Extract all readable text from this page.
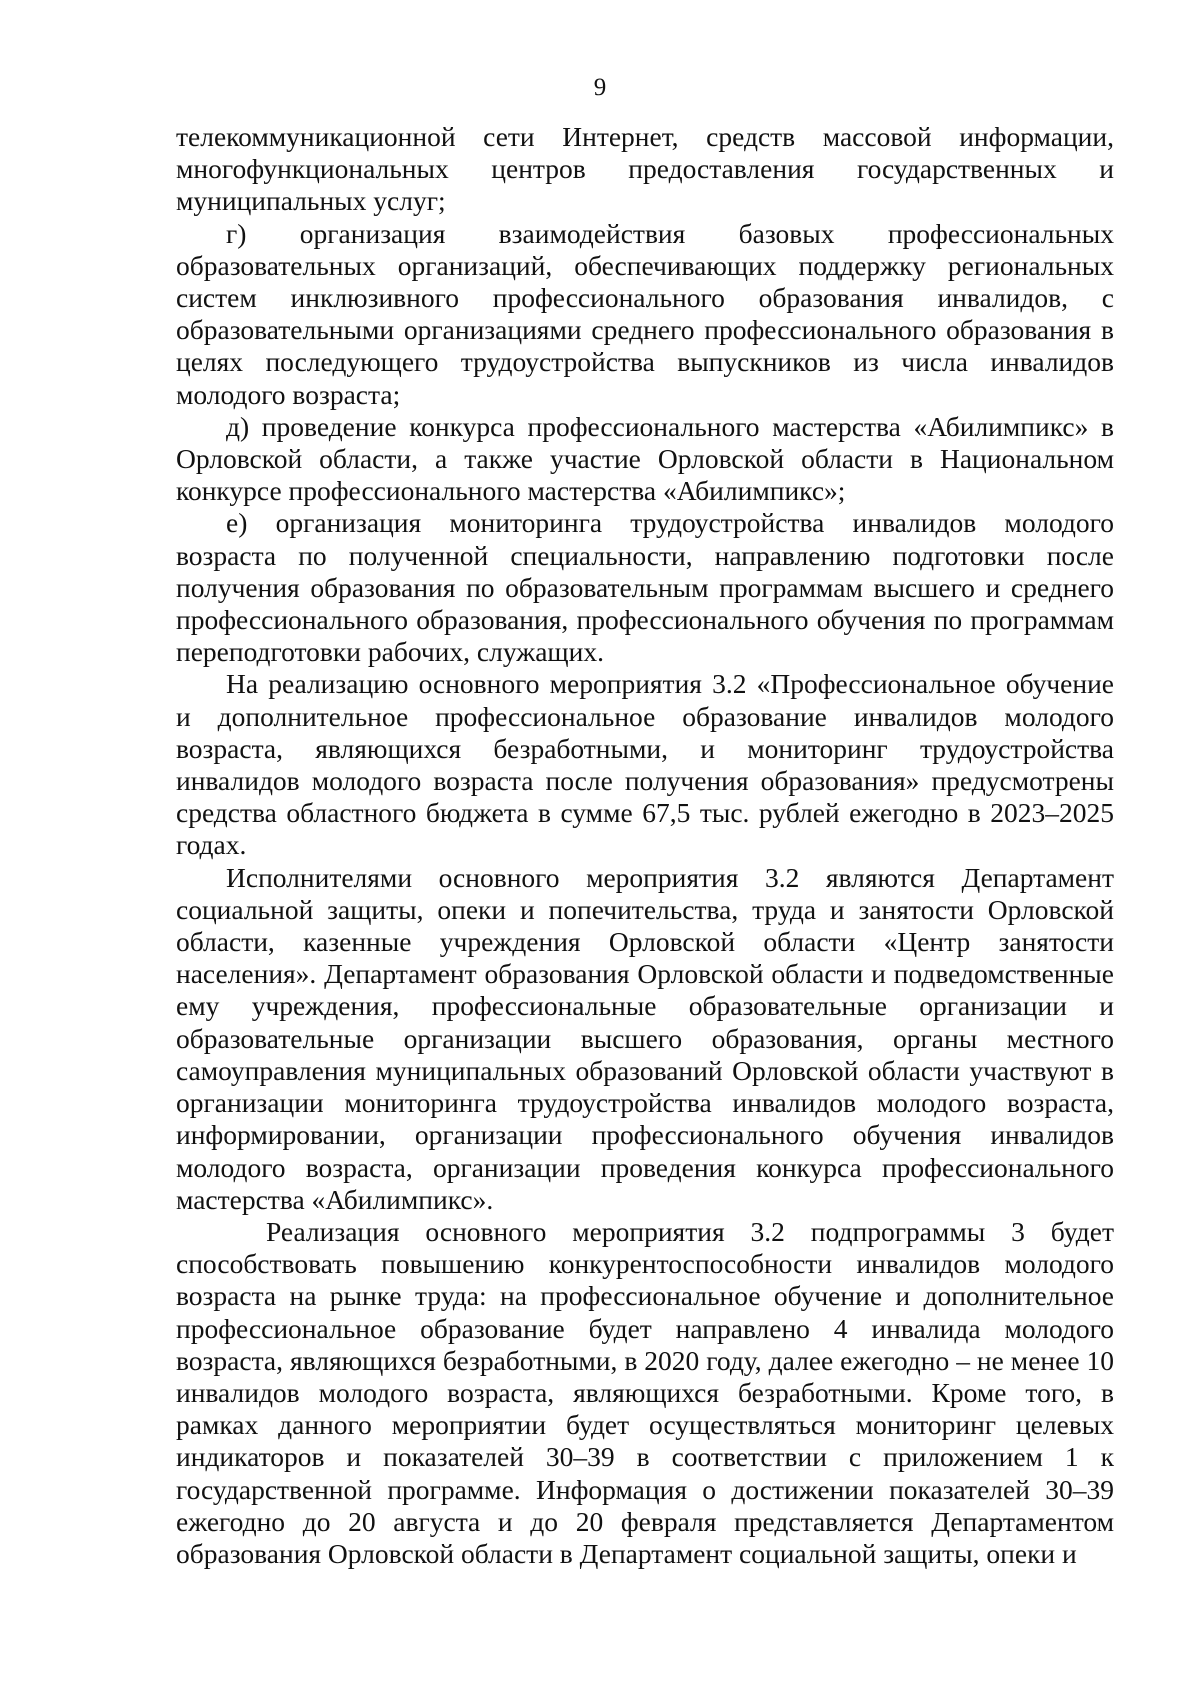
9

телекоммуникационной сети Интернет, средств массовой информации, многофункциональных центров предоставления государственных и муниципальных услуг;

г) организация взаимодействия базовых профессиональных образовательных организаций, обеспечивающих поддержку региональных систем инклюзивного профессионального образования инвалидов, с образовательными организациями среднего профессионального образования в целях последующего трудоустройства выпускников из числа инвалидов молодого возраста;

д) проведение конкурса профессионального мастерства «Абилимпикс» в Орловской области, а также участие Орловской области в Национальном конкурсе профессионального мастерства «Абилимпикс»;

е) организация мониторинга трудоустройства инвалидов молодого возраста по полученной специальности, направлению подготовки после получения образования по образовательным программам высшего и среднего профессионального образования, профессионального обучения по программам переподготовки рабочих, служащих.

На реализацию основного мероприятия 3.2 «Профессиональное обучение и дополнительное профессиональное образование инвалидов молодого возраста, являющихся безработными, и мониторинг трудоустройства инвалидов молодого возраста после получения образования» предусмотрены средства областного бюджета в сумме 67,5 тыс. рублей ежегодно в 2023–2025 годах.

Исполнителями основного мероприятия 3.2 являются Департамент социальной защиты, опеки и попечительства, труда и занятости Орловской области, казенные учреждения Орловской области «Центр занятости населения». Департамент образования Орловской области и подведомственные ему учреждения, профессиональные образовательные организации и образовательные организации высшего образования, органы местного самоуправления муниципальных образований Орловской области участвуют в организации мониторинга трудоустройства инвалидов молодого возраста, информировании, организации профессионального обучения инвалидов молодого возраста, организации проведения конкурса профессионального мастерства «Абилимпикс».

Реализация основного мероприятия 3.2 подпрограммы 3 будет способствовать повышению конкурентоспособности инвалидов молодого возраста на рынке труда: на профессиональное обучение и дополнительное профессиональное образование будет направлено 4 инвалида молодого возраста, являющихся безработными, в 2020 году, далее ежегодно – не менее 10 инвалидов молодого возраста, являющихся безработными. Кроме того, в рамках данного мероприятии будет осуществляться мониторинг целевых индикаторов и показателей 30–39 в соответствии с приложением 1 к государственной программе. Информация о достижении показателей 30–39 ежегодно до 20 августа и до 20 февраля представляется Департаментом образования Орловской области в Департамент социальной защиты, опеки и
